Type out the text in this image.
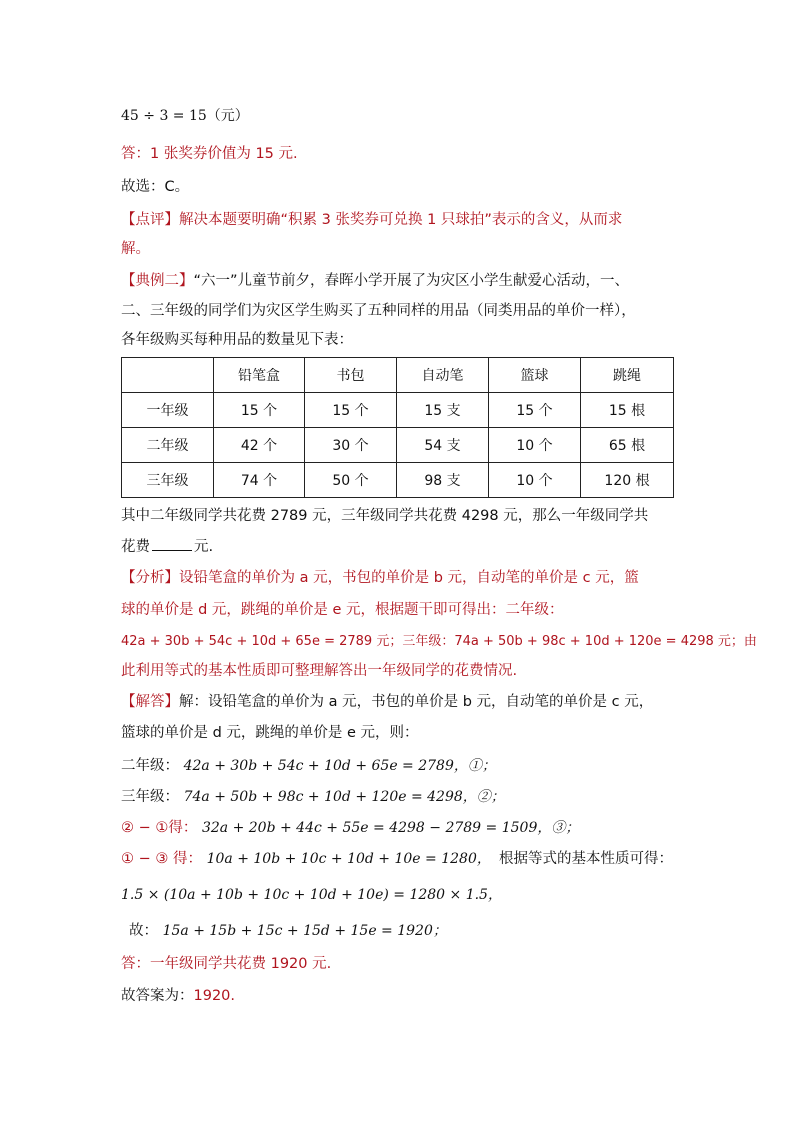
45 ÷ 3 = 15（元）
答：1 张奖券价值为 15 元.
故选：C。
【点评】解决本题要明确“积累 3 张奖券可兑换 1 只球拍”表示的含义，从而求
解。
【典例二】“六一”儿童节前夕，春晖小学开展了为灾区小学生献爱心活动，一、
二、三年级的同学们为灾区学生购买了五种同样的用品（同类用品的单价一样），
各年级购买每种用品的数量见下表：
	铅笔盒	书包	自动笔	篮球	跳绳
一年级	15 个	15 个	15 支	15 个	15 根
二年级	42 个	30 个	54 支	10 个	65 根
三年级	74 个	50 个	98 支	10 个	120 根
其中二年级同学共花费 2789 元，三年级同学共花费 4298 元，那么一年级同学共
花费	元.
【分析】设铅笔盒的单价为 a 元，书包的单价是 b 元，自动笔的单价是 c 元，篮
球的单价是 d 元，跳绳的单价是 e 元，根据题干即可得出：二年级：
42a + 30b + 54c + 10d + 65e = 2789 元；三年级：74a + 50b + 98c + 10d + 120e = 4298 元；由
此利用等式的基本性质即可整理解答出一年级同学的花费情况.
【解答】解：设铅笔盒的单价为 a 元，书包的单价是 b 元，自动笔的单价是 c 元，
篮球的单价是 d 元，跳绳的单价是 e 元，则：
二年级： 42a + 30b + 54c + 10d + 65e = 2789，①；
三年级： 74a + 50b + 98c + 10d + 120e = 4298，②；
② − ①得： 32a + 20b + 44c + 55e = 4298 − 2789 = 1509，③；
① − ③ 得： 10a + 10b + 10c + 10d + 10e = 1280， 根据等式的基本性质可得：
1.5 × (10a + 10b + 10c + 10d + 10e) = 1280 × 1.5，
故： 15a + 15b + 15c + 15d + 15e = 1920；
答：一年级同学共花费 1920 元.
故答案为：1920.
